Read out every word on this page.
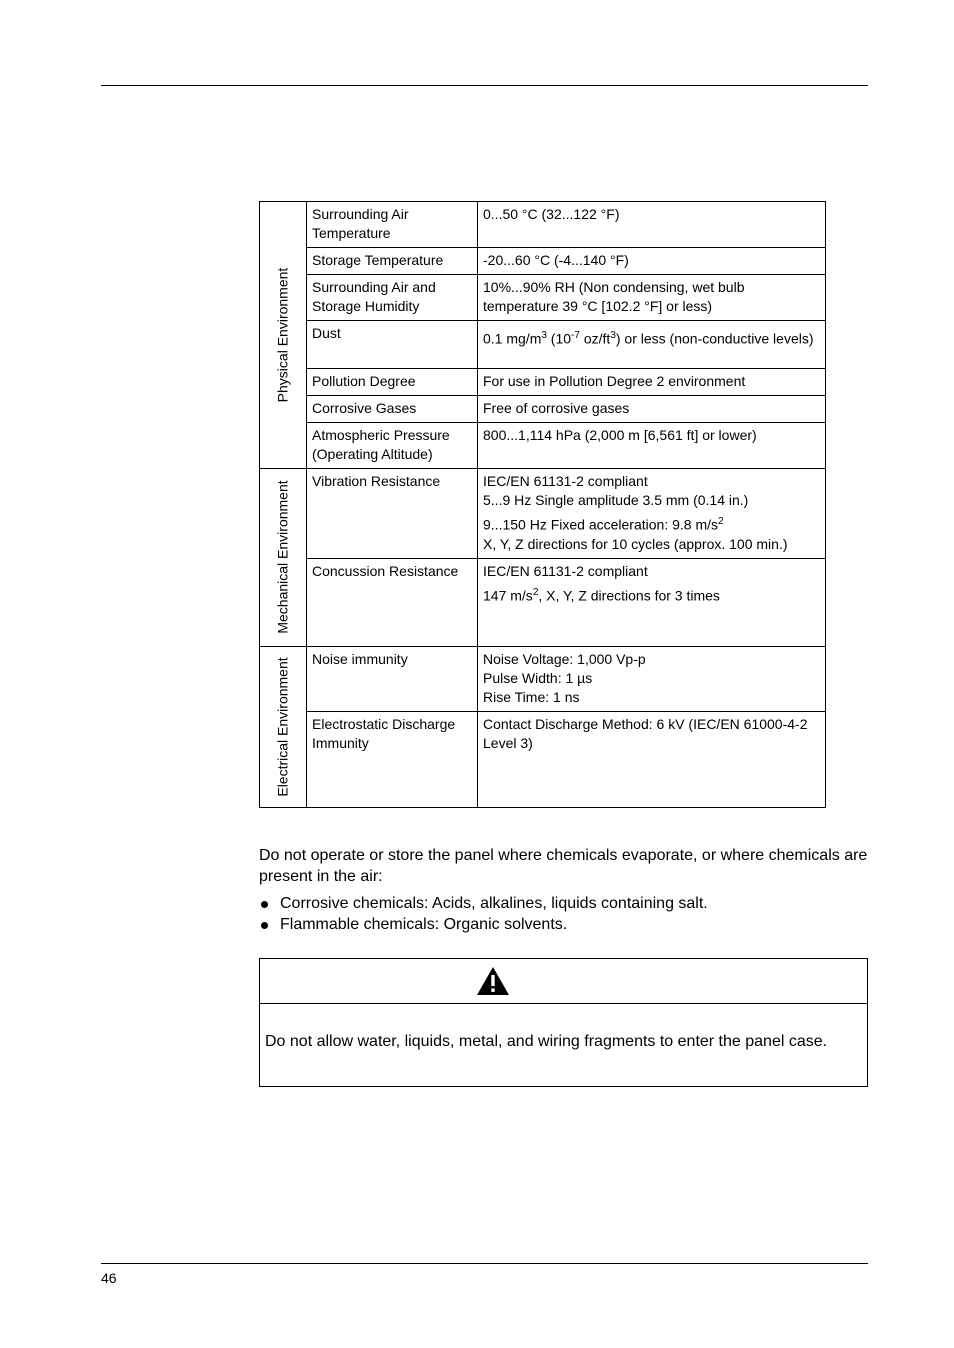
Physical Environment	Surrounding Air Temperature	0...50 °C (32...122 °F)
	Storage Temperature	-20...60 °C (-4...140 °F)
	Surrounding Air and Storage Humidity	10%...90% RH (Non condensing, wet bulb temperature 39 °C [102.2 °F] or less)
	Dust	0.1 $mg/m^3$ ($10^{-7}$ $oz/ft^3$) or less (non-conductive levels)
	Pollution Degree	For use in Pollution Degree 2 environment
	Corrosive Gases	Free of corrosive gases
	Atmospheric Pressure (Operating Altitude)	800...1,114 hPa (2,000 m [6,561 ft] or lower)

Mechanical Environment	Vibration Resistance	IEC/EN 61131-2 compliant
5...9 Hz Single amplitude 3.5 mm (0.14 in.)
9...150 Hz Fixed acceleration: 9.8 $m/s^2$
X, Y, Z directions for 10 cycles (approx. 100 min.)

	Concussion Resistance	IEC/EN 61131-2 compliant
147 $m/s^2$, X, Y, Z directions for 3 times

Electrical Environment	Noise immunity	Noise Voltage: 1,000 Vp-p
Pulse Width: 1 µs
Rise Time: 1 ns

	Electrostatic Discharge Immunity	Contact Discharge Method: 6 kV (IEC/EN 61000-4-2 Level 3)

Do not operate or store the panel where chemicals evaporate, or where chemicals are present in the air:

Corrosive chemicals: Acids, alkalines, liquids containing salt.
Flammable chemicals: Organic solvents.
Do not allow water, liquids, metal, and wiring fragments to enter the panel case.
46
